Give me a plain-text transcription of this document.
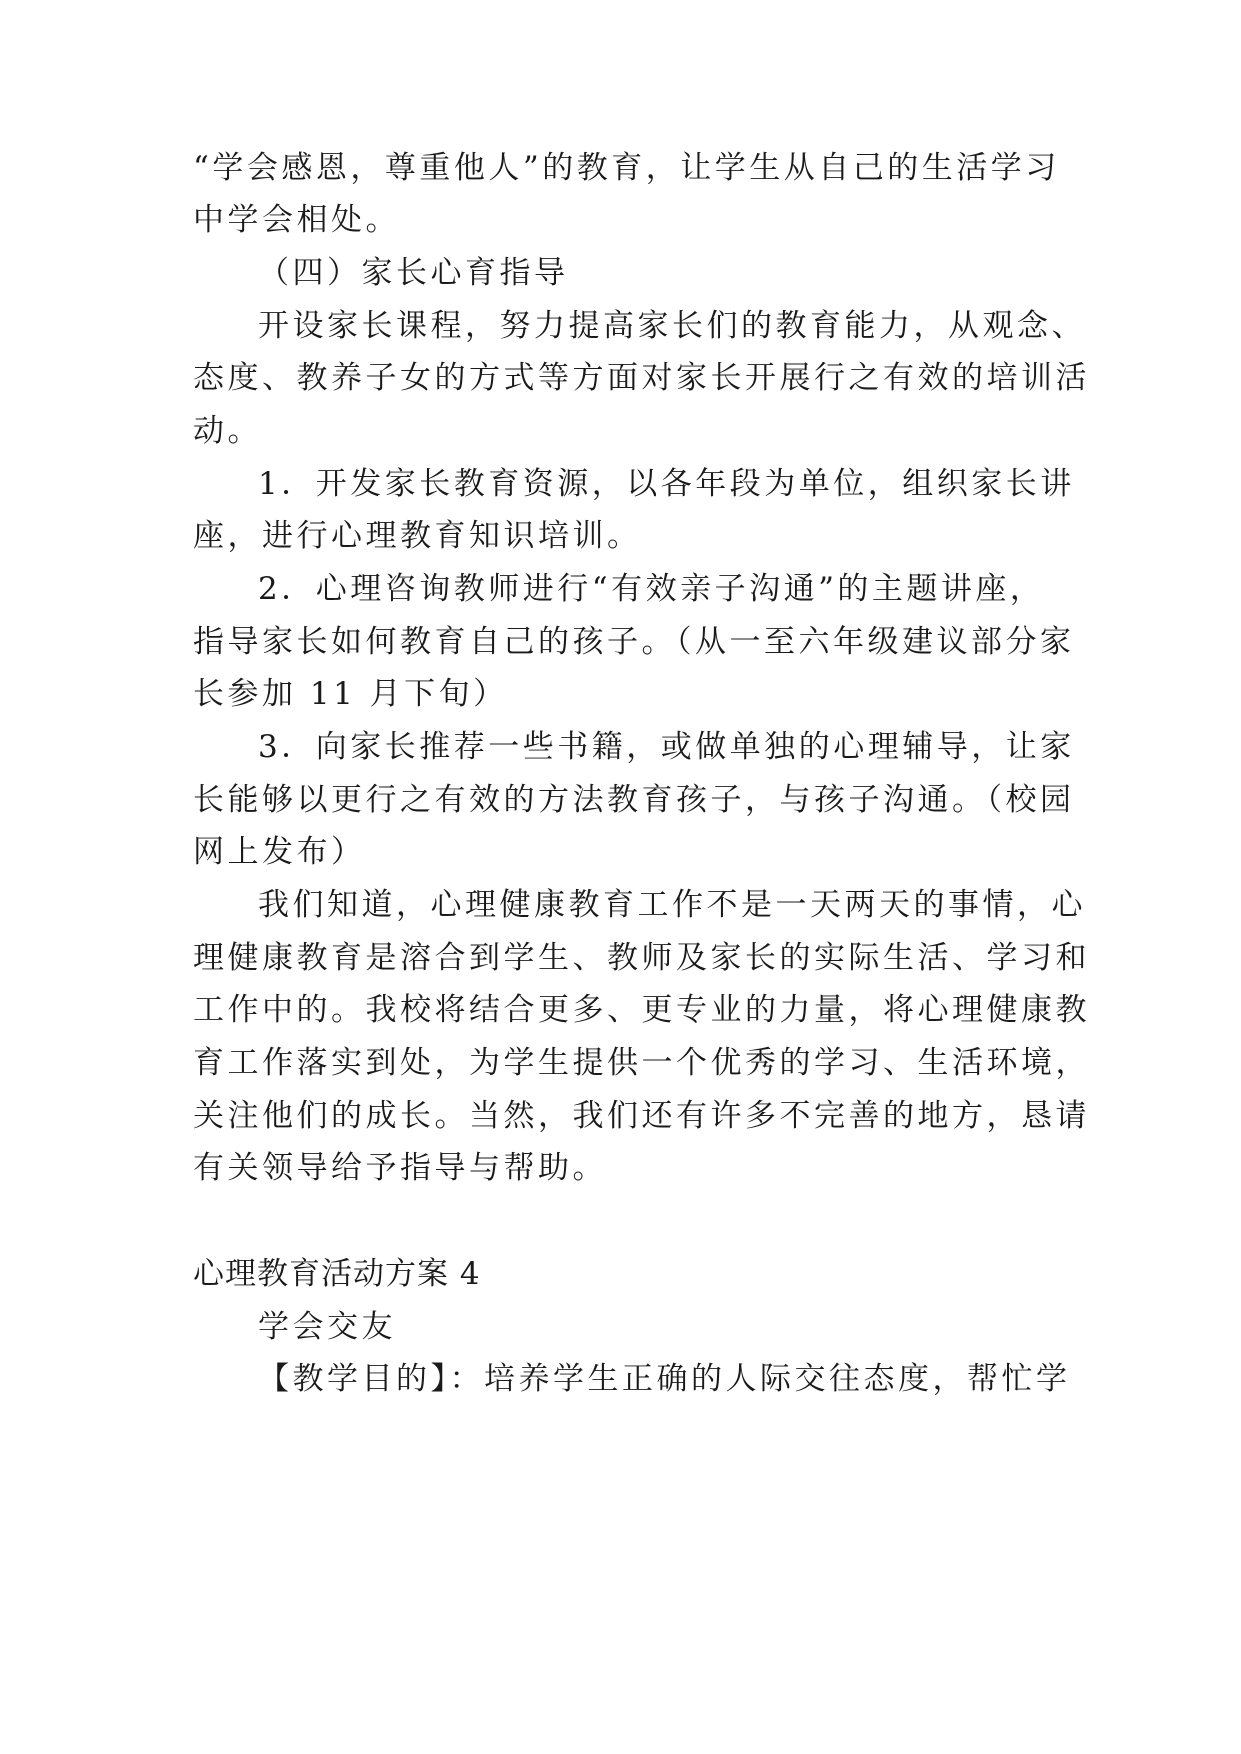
“学会感恩，尊重他人”的教育，让学生从自己的生活学习
中学会相处。
（四）家长心育指导
开设家长课程，努力提高家长们的教育能力，从观念、
态度、教养子女的方式等方面对家长开展行之有效的培训活
动。
1．开发家长教育资源，以各年段为单位，组织家长讲
座，进行心理教育知识培训。
2．心理咨询教师进行“有效亲子沟通”的主题讲座，
指导家长如何教育自己的孩子。（从一至六年级建议部分家
长参加 11 月下旬）
3．向家长推荐一些书籍，或做单独的心理辅导，让家
长能够以更行之有效的方法教育孩子，与孩子沟通。（校园
网上发布）
我们知道，心理健康教育工作不是一天两天的事情，心
理健康教育是溶合到学生、教师及家长的实际生活、学习和
工作中的。我校将结合更多、更专业的力量，将心理健康教
育工作落实到处，为学生提供一个优秀的学习、生活环境，
关注他们的成长。当然，我们还有许多不完善的地方，恳请
有关领导给予指导与帮助。
心理教育活动方案 4
学会交友
【教学目的】：培养学生正确的人际交往态度，帮忙学
